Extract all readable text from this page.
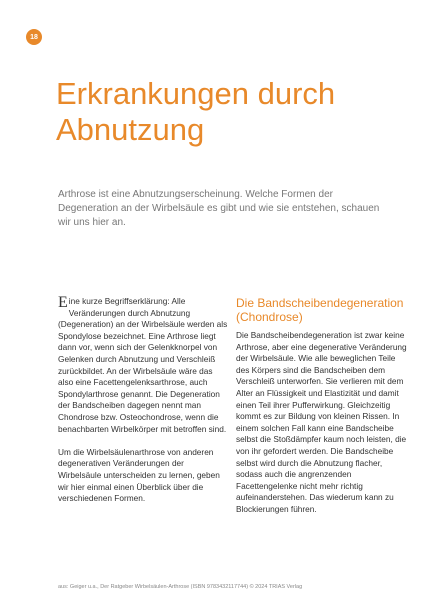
18
Erkrankungen durch Abnutzung

Arthrose ist eine Abnutzungserscheinung. Welche Formen der Degeneration an der Wirbelsäule es gibt und wie sie entstehen, schauen wir uns hier an.

Eine kurze Begriffserklärung: Alle Veränderungen durch Abnutzung (Degeneration) an der Wirbelsäule werden als Spondylose bezeichnet. Eine Arthrose liegt dann vor, wenn sich der Gelenkknorpel von Gelenken durch Abnutzung und Verschleiß zurückbildet. An der Wirbelsäule wäre das also eine Facettengelenksarthrose, auch Spondylarthrose genannt. Die Degeneration der Bandscheiben dagegen nennt man Chondrose bzw. Osteochondrose, wenn die benachbarten Wirbelkörper mit betroffen sind.

Um die Wirbelsäulenarthrose von anderen degenerativen Veränderungen der Wirbelsäule unterscheiden zu lernen, geben wir hier einmal einen Überblick über die verschiedenen Formen.

Die Bandscheibendegeneration (Chondrose)

Die Bandscheibendegeneration ist zwar keine Arthrose, aber eine degenerative Veränderung der Wirbelsäule. Wie alle beweglichen Teile des Körpers sind die Bandscheiben dem Verschleiß unterworfen. Sie verlieren mit dem Alter an Flüssigkeit und Elastizität und damit einen Teil ihrer Pufferwirkung. Gleichzeitig kommt es zur Bildung von kleinen Rissen. In einem solchen Fall kann eine Bandscheibe selbst die Stoßdämpfer kaum noch leisten, die von ihr gefordert werden. Die Bandscheibe selbst wird durch die Abnutzung flacher, sodass auch die angrenzenden Facettengelenke nicht mehr richtig aufeinanderstehen. Das wiederum kann zu Blockierungen führen.

aus: Geiger u.a., Der Ratgeber Wirbelsäulen-Arthrose (ISBN 9783432117744) © 2024 TRIAS Verlag
